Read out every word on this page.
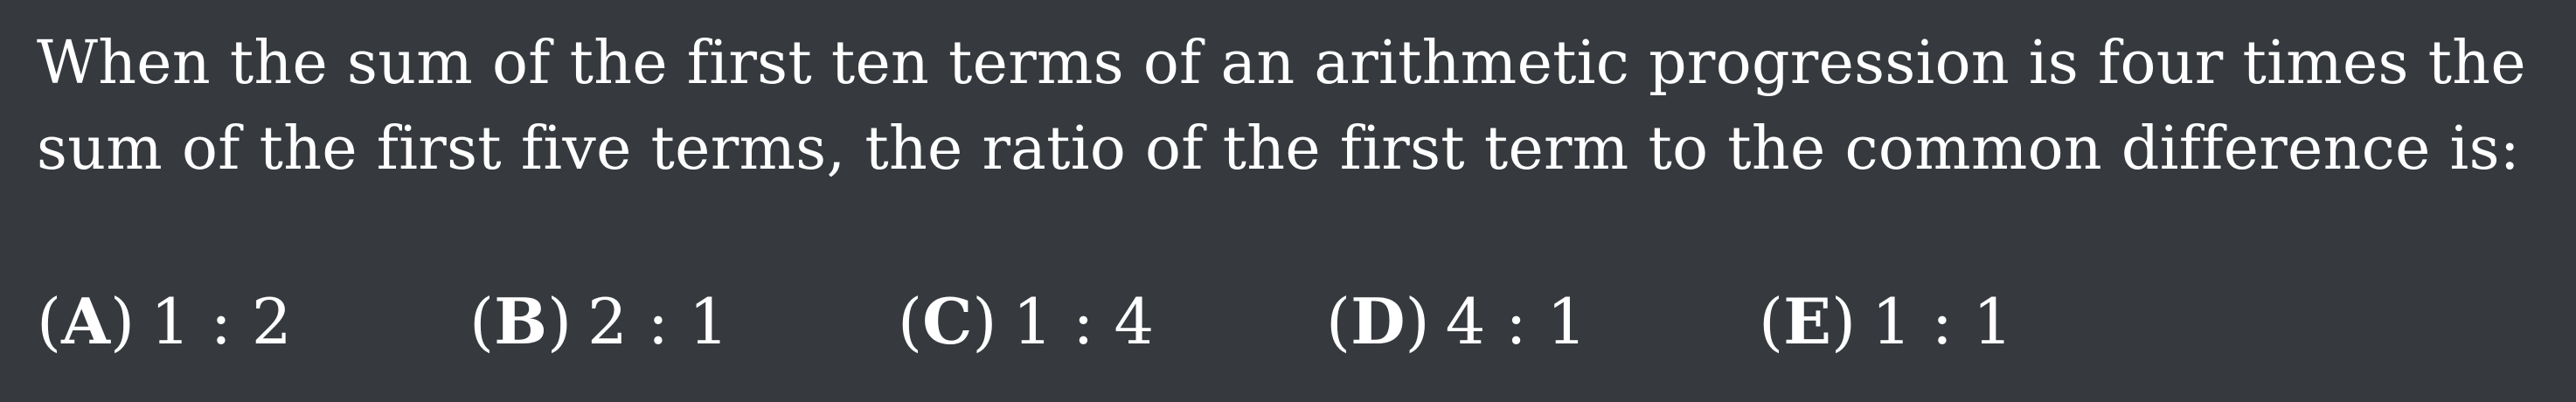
When the sum of the first ten terms of an arithmetic progression is four times the
sum of the first five terms, the ratio of the first term to the common difference is:
(A) 1 : 2	(B) 2 : 1	(C) 1 : 4	(D) 4 : 1	(E) 1 : 1
